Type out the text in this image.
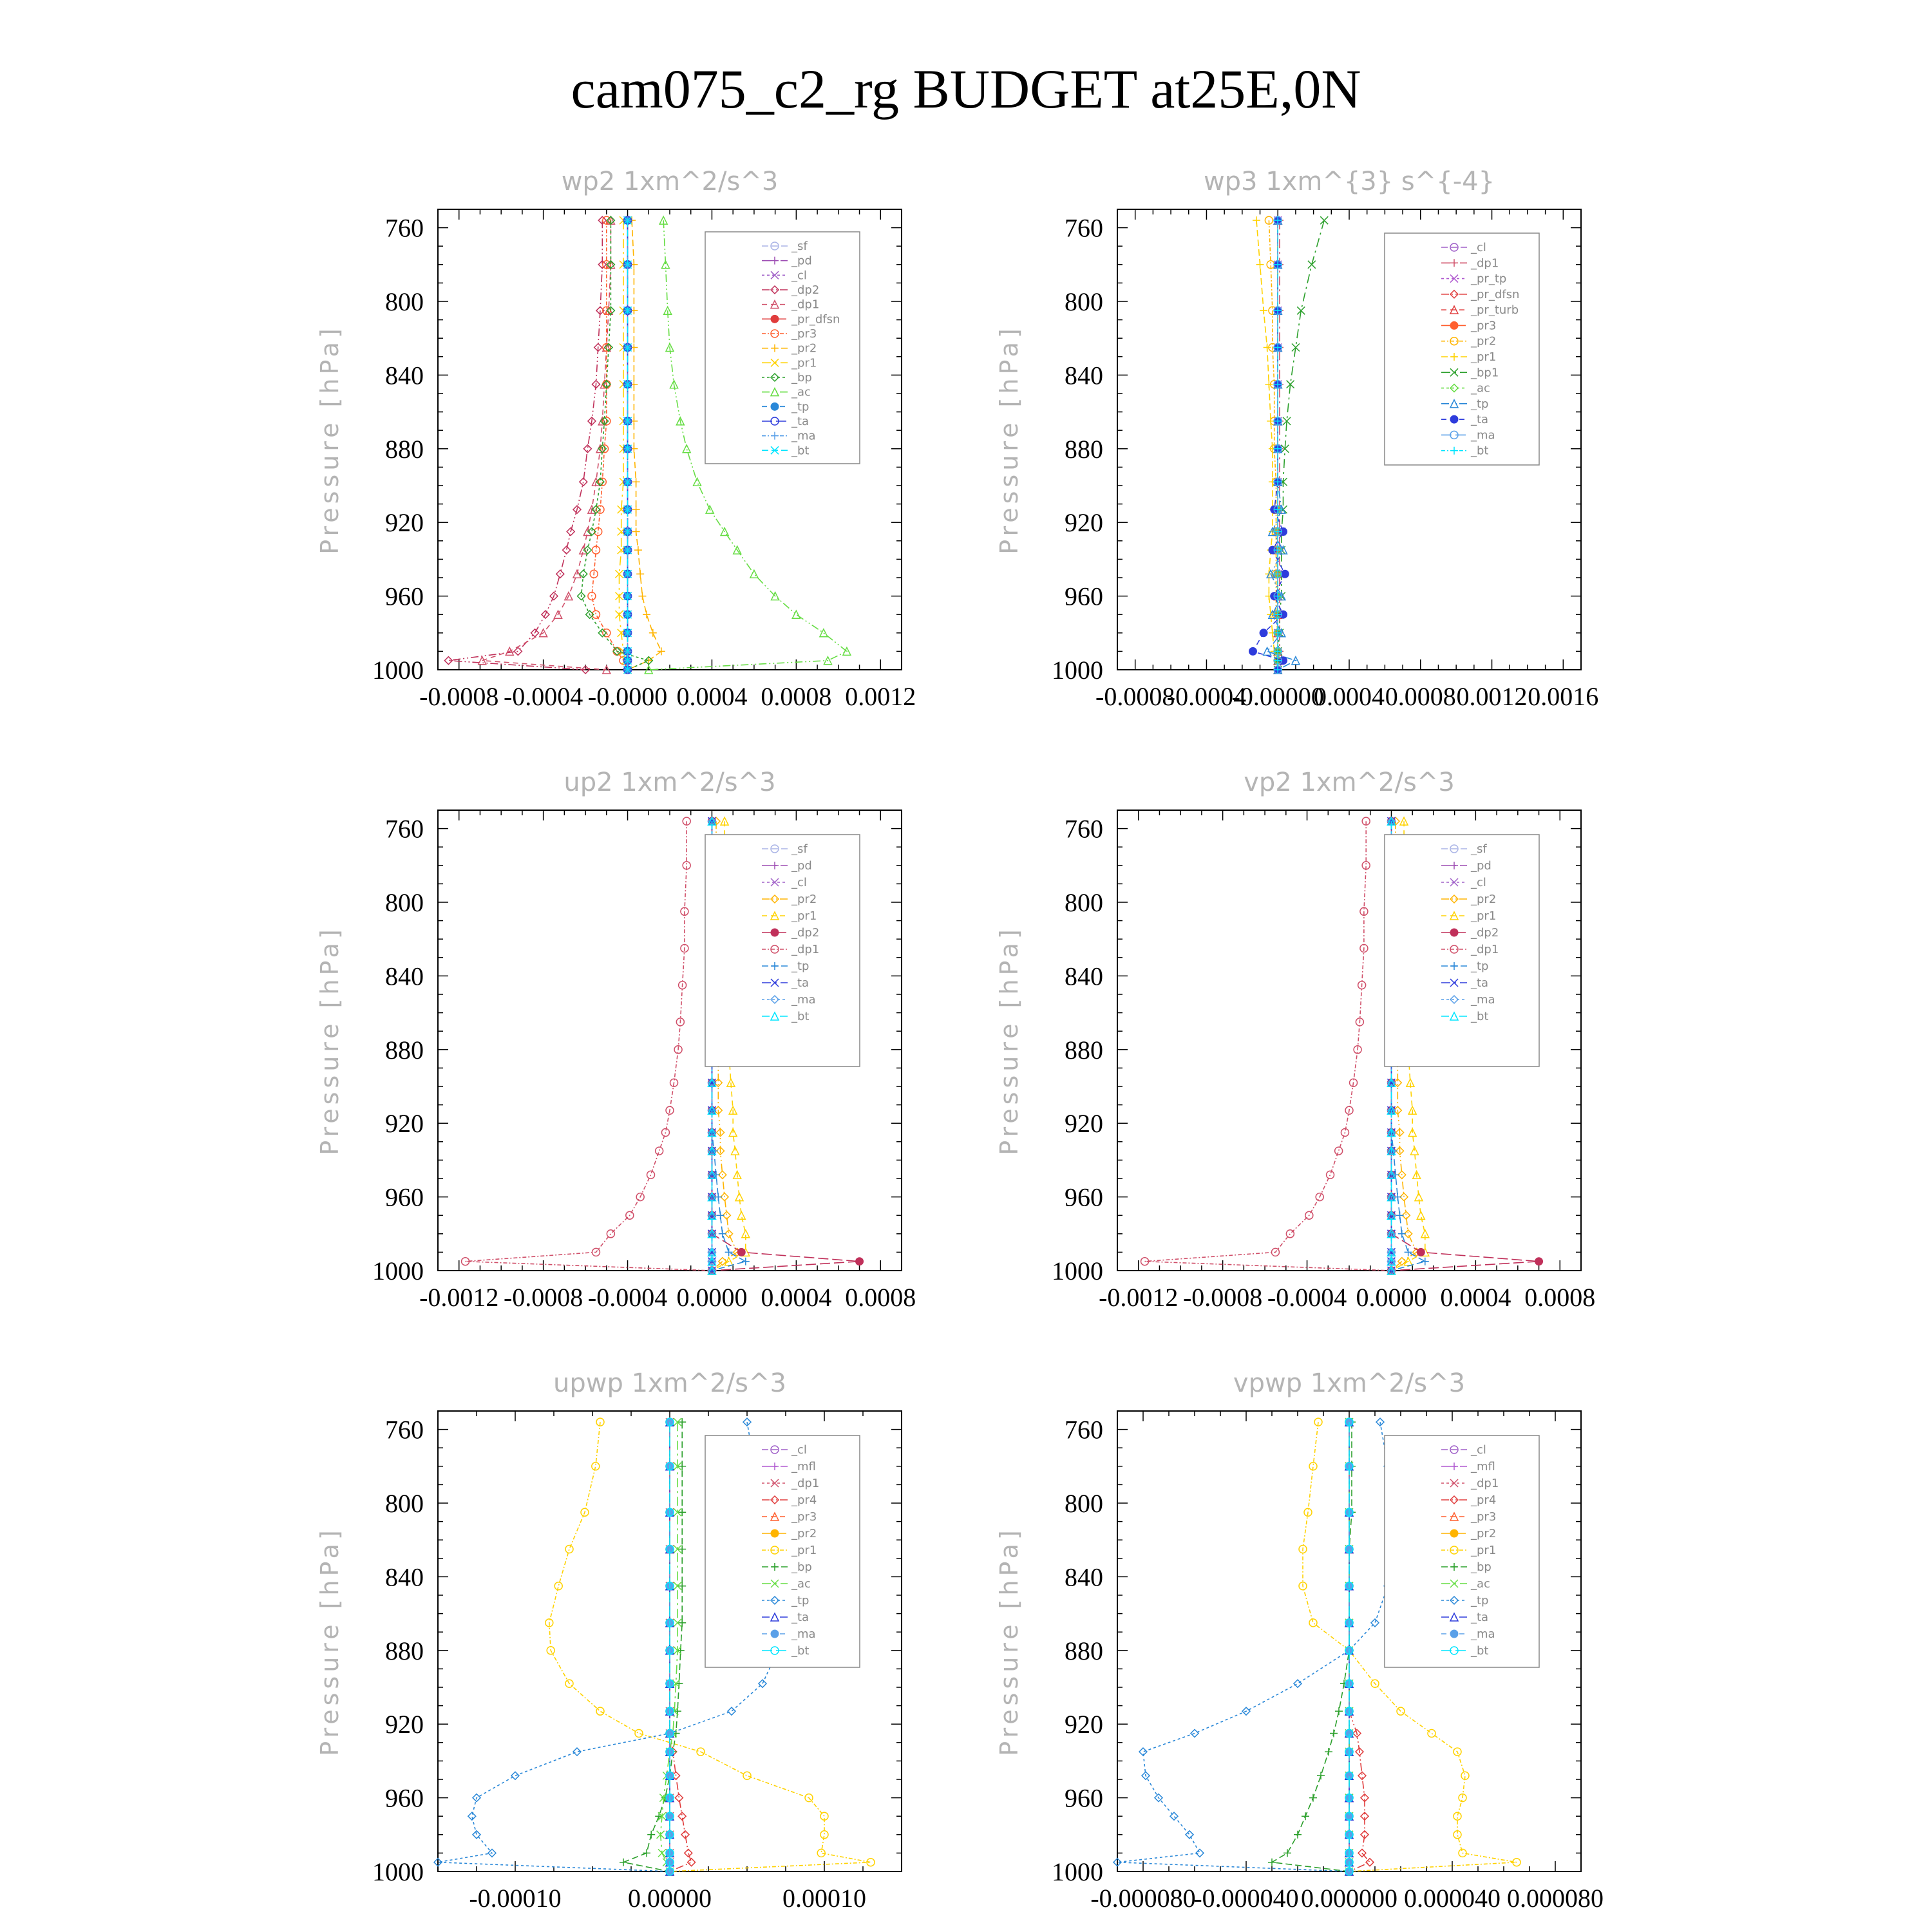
cam075_c2_rg BUDGET at25E,0N
wp2 1xm^2/s^3
Pressure [hPa]
760
800
840
880
920
960
1000
-0.0008 -0.0004 -0.0000 0.0004 0.0008 0.0012
_sf
_pd
_cl
_dp2
_dp1
_pr_dfsn
_pr3
_pr2
_pr1
_bp
_ac
_tp
_ta
_ma
_bt
wp3 1xm^{3} s^{-4}
Pressure [hPa]
760
800
840
880
920
960
1000
-0.0008
-0.0004
-0.00000
0.0004 0.0008 0.0012 0.0016
_cl
_dp1
_pr_tp
_pr_dfsn
_pr_turb
_pr3
_pr2
_pr1
_bp1
_ac
_tp
_ta
_ma
_bt
up2 1xm^2/s^3
Pressure [hPa]
760
800
840
880
920
960
1000
-0.0012 -0.0008 -0.0004 0.0000 0.0004 0.0008
_sf
_pd
_cl
_pr2
_pr1
_dp2
_dp1
_tp
_ta
_ma
_bt
vp2 1xm^2/s^3
Pressure [hPa]
760
800
840
880
920
960
1000
-0.0012 -0.0008 -0.0004 0.0000 0.0004 0.0008
_sf
_pd
_cl
_pr2
_pr1
_dp2
_dp1
_tp
_ta
_ma
_bt
upwp 1xm^2/s^3
Pressure [hPa]
760
800
840
880
920
960
1000
-0.00010	0.00000	0.00010
_cl
_mfl
_dp1
_pr4
_pr3
_pr2
_pr1
_bp
_ac
_tp
_ta
_ma
_bt
vpwp 1xm^2/s^3
Pressure [hPa]
760
800
840
880
920
960
1000
-0.000080
-0.000040 0.000000 0.000040 0.000080
_cl
_mfl
_dp1
_pr4
_pr3
_pr2
_pr1
_bp
_ac
_tp
_ta
_ma
_bt
